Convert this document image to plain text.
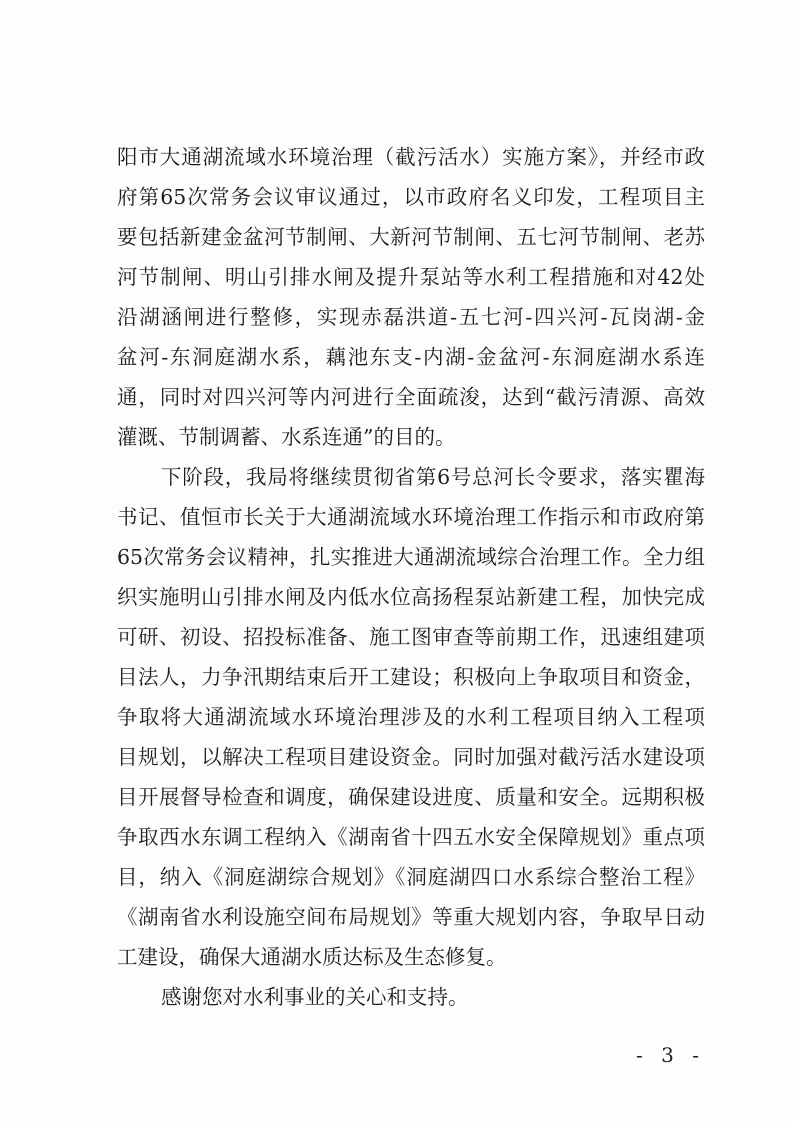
阳市大通湖流域水环境治理（截污活水）实施方案》，并经市政
府第65次常务会议审议通过，以市政府名义印发，工程项目主
要包括新建金盆河节制闸、大新河节制闸、五七河节制闸、老苏
河节制闸、明山引排水闸及提升泵站等水利工程措施和对42处
沿湖涵闸进行整修，实现赤磊洪道-五七河-四兴河-瓦岗湖-金
盆河-东洞庭湖水系，藕池东支-内湖-金盆河-东洞庭湖水系连
通，同时对四兴河等内河进行全面疏浚，达到“截污清源、高效
灌溉、节制调蓄、水系连通”的目的。
下阶段，我局将继续贯彻省第6号总河长令要求，落实瞿海
书记、值恒市长关于大通湖流域水环境治理工作指示和市政府第
65次常务会议精神，扎实推进大通湖流域综合治理工作。全力组
织实施明山引排水闸及内低水位高扬程泵站新建工程，加快完成
可研、初设、招投标准备、施工图审查等前期工作，迅速组建项
目法人，力争汛期结束后开工建设；积极向上争取项目和资金，
争取将大通湖流域水环境治理涉及的水利工程项目纳入工程项
目规划，以解决工程项目建设资金。同时加强对截污活水建设项
目开展督导检查和调度，确保建设进度、质量和安全。远期积极
争取西水东调工程纳入《湖南省十四五水安全保障规划》重点项
目，纳入《洞庭湖综合规划》《洞庭湖四口水系综合整治工程》
《湖南省水利设施空间布局规划》等重大规划内容，争取早日动
工建设，确保大通湖水质达标及生态修复。
感谢您对水利事业的关心和支持。
- 3 -
